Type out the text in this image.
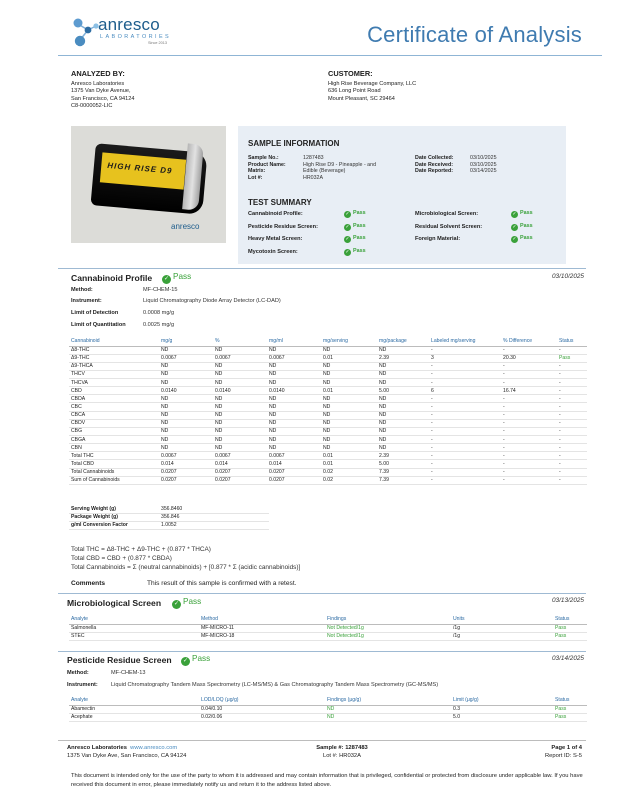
anresco
LABORATORIES
Since 2013	Certificate of Analysis
ANALYZED BY:
Anresco Laboratories
1375 Van Dyke Avenue,
San Francisco, CA 94124
C8-0000052-LIC
CUSTOMER:
High Rise Beverage Company, LLC
636 Long Point Road
Mount Pleasant, SC 29464
HIGH RISE D9
anresco
SAMPLE INFORMATION
Sample No.:	1287483
Product Name:	High Rise D9 - Pineapple - and
Matrix:	Edible (Beverage)
Lot #:	HR032A
Date Collected:	03/10/2025
Date Received:	03/10/2025
Date Reported:	03/14/2025
TEST SUMMARY
Cannabinoid Profile:	✓ Pass
Pesticide Residue Screen:	✓ Pass
Heavy Metal Screen:	✓ Pass
Mycotoxin Screen:	✓ Pass
Microbiological Screen:	✓ Pass
Residual Solvent Screen:	✓ Pass
Foreign Material:	✓ Pass
Cannabinoid Profile	✓ Pass	03/10/2025
Method:	MF-CHEM-15
Instrument:	Liquid Chromatography Diode Array Detector (LC-DAD)
Limit of Detection	0.0008 mg/g
Limit of Quantitation	0.0025 mg/g
Cannabinoid	mg/g	%	mg/ml	mg/serving	mg/package	Labeled mg/serving	% Difference	Status
Δ8-THC	ND	ND	ND	ND	ND	-	-	-
Δ9-THC	0.0067	0.0067	0.0067	0.01	2.39	3	20.30	Pass
Δ9-THCA	ND	ND	ND	ND	ND	-	-	-
THCV	ND	ND	ND	ND	ND	-	-	-
THCVA	ND	ND	ND	ND	ND	-	-	-
CBD	0.0140	0.0140	0.0140	0.01	5.00	6	16.74	-
CBDA	ND	ND	ND	ND	ND	-	-	-
CBC	ND	ND	ND	ND	ND	-	-	-
CBCA	ND	ND	ND	ND	ND	-	-	-
CBDV	ND	ND	ND	ND	ND	-	-	-
CBG	ND	ND	ND	ND	ND	-	-	-
CBGA	ND	ND	ND	ND	ND	-	-	-
CBN	ND	ND	ND	ND	ND	-	-	-
Total THC	0.0067	0.0067	0.0067	0.01	2.39	-	-	-
Total CBD	0.014	0.014	0.014	0.01	5.00	-	-	-
Total Cannabinoids	0.0207	0.0207	0.0207	0.02	7.39	-	-	-
Sum of Cannabinoids	0.0207	0.0207	0.0207	0.02	7.39	-	-	-
Serving Weight (g)	356.8460
Package Weight (g)	356.846
g/ml Conversion Factor	1.0052
Total THC = Δ8-THC + Δ9-THC + (0.877 * THCA)
Total CBD = CBD + (0.877 * CBDA)
Total Cannabinoids = Σ (neutral cannabinoids) + [0.877 * Σ (acidic cannabinoids)]
Comments	This result of this sample is confirmed with a retest.
Microbiological Screen	✓ Pass	03/13/2025
Analyte	Method	Findings	Units	Status
Salmonella	MF-MICRO-11	Not Detected/1g	/1g	Pass
STEC	MF-MICRO-18	Not Detected/1g	/1g	Pass
Pesticide Residue Screen	✓ Pass	03/14/2025
Method:	MF-CHEM-13
Instrument: Liquid Chromatography Tandem Mass Spectrometry (LC-MS/MS) & Gas Chromatography Tandem Mass Spectrometry (GC-MS/MS)
Analyte	LOD/LOQ (μg/g)	Findings (μg/g)	Limit (μg/g)	Status
Abamectin	0.04/0.10	ND	0.3	Pass
Acephate	0.02/0.06	ND	5.0	Pass
Anresco Laboratories www.anresco.com
1375 Van Dyke Ave, San Francisco, CA 94124
Sample #: 1287483
Lot #: HR032A
Page 1 of 4
Report ID: S-5
This document is intended only for the use of the party to whom it is addressed and may contain information that is privileged, confidential or protected from disclosure under applicable law. If you have received this document in error, please immediately notify us and return it to the address listed above.
